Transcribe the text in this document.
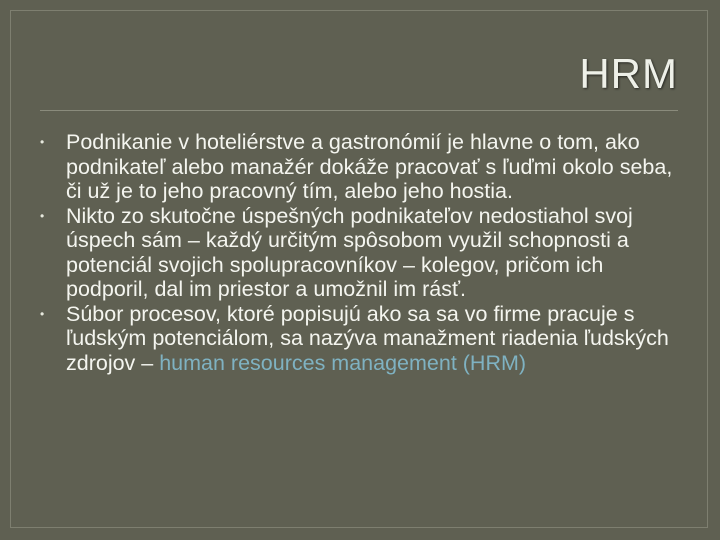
HRM
• Podnikanie v hoteliérstve a gastronómií je hlavne o tom, ako podnikateľ alebo manažér dokáže pracovať s ľuďmi okolo seba, či už je to jeho pracovný tím, alebo jeho hostia.
• Nikto zo skutočne úspešných podnikateľov nedostiahol svoj úspech sám – každý určitým spôsobom využil schopnosti a potenciál svojich spolupracovníkov – kolegov, pričom ich podporil, dal im priestor a umožnil im rásť.
• Súbor procesov, ktoré popisujú ako sa sa vo firme pracuje s ľudským potenciálom, sa nazýva manažment riadenia ľudských zdrojov – human resources management (HRM)
